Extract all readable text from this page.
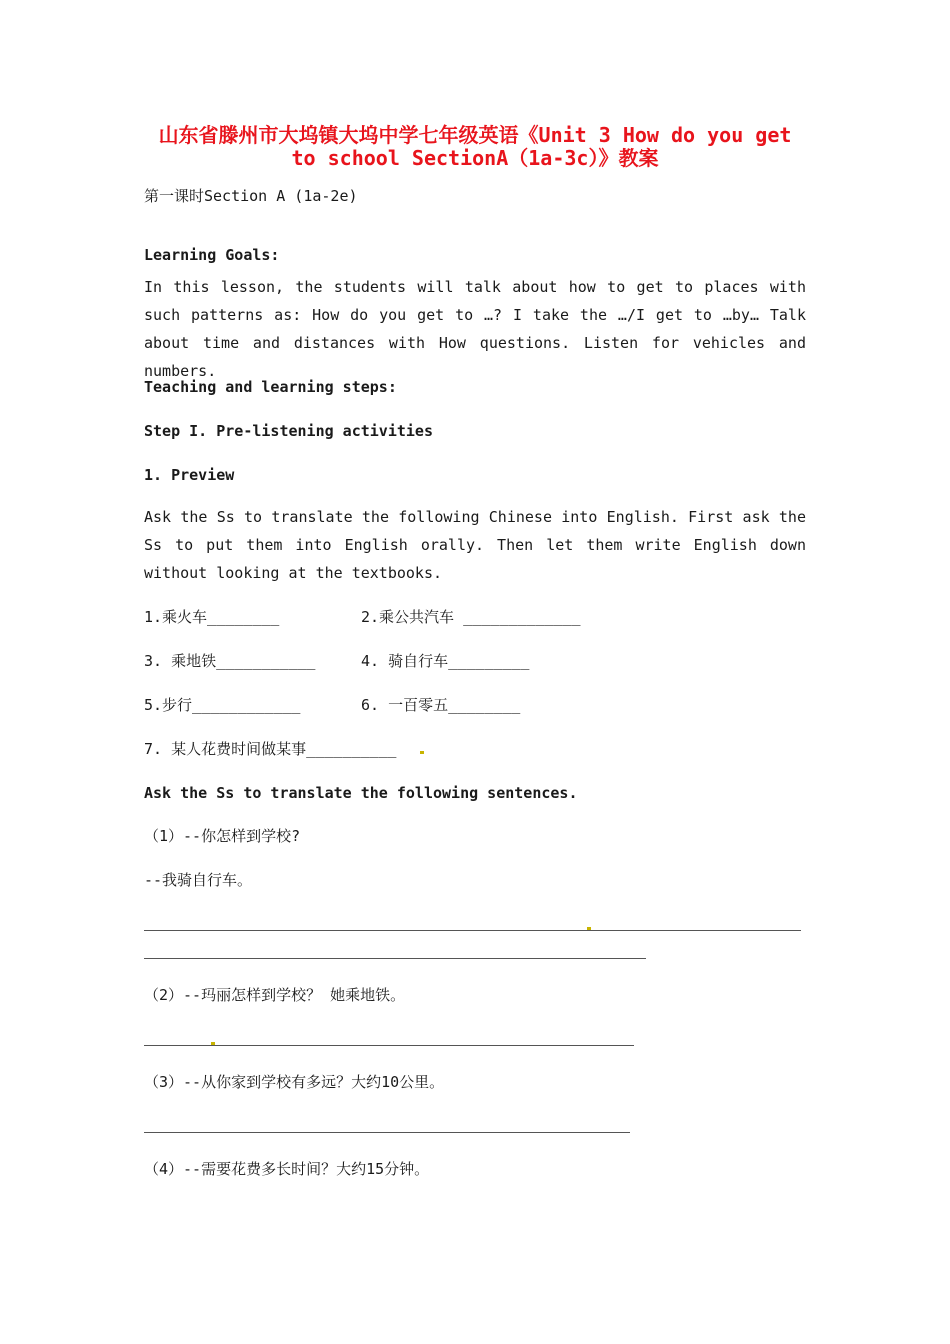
山东省滕州市大坞镇大坞中学七年级英语《Unit 3 How do you get
to school SectionA（1a-3c）》教案
第一课时Section A (1a-2e)
Learning Goals:
In this lesson, the students will talk about how to get to places with such patterns as: How do you get to …? I take the …/I get to …by… Talk about time and distances with How questions. Listen for vehicles and numbers.
Teaching and learning steps:
Step I. Pre-listening activities
1. Preview
Ask the Ss to translate the following Chinese into English. First ask the Ss to put them into English orally. Then let them write English down without looking at the textbooks.
1.乘火车________	2.乘公共汽车 _____________
3. 乘地铁___________	4. 骑自行车_________
5.步行____________	6. 一百零五________
7. 某人花费时间做某事__________
Ask the Ss to translate the following sentences.
（1）--你怎样到学校?
--我骑自行车。
（2）--玛丽怎样到学校？ 她乘地铁。
（3）--从你家到学校有多远？大约10公里。
（4）--需要花费多长时间？大约15分钟。
